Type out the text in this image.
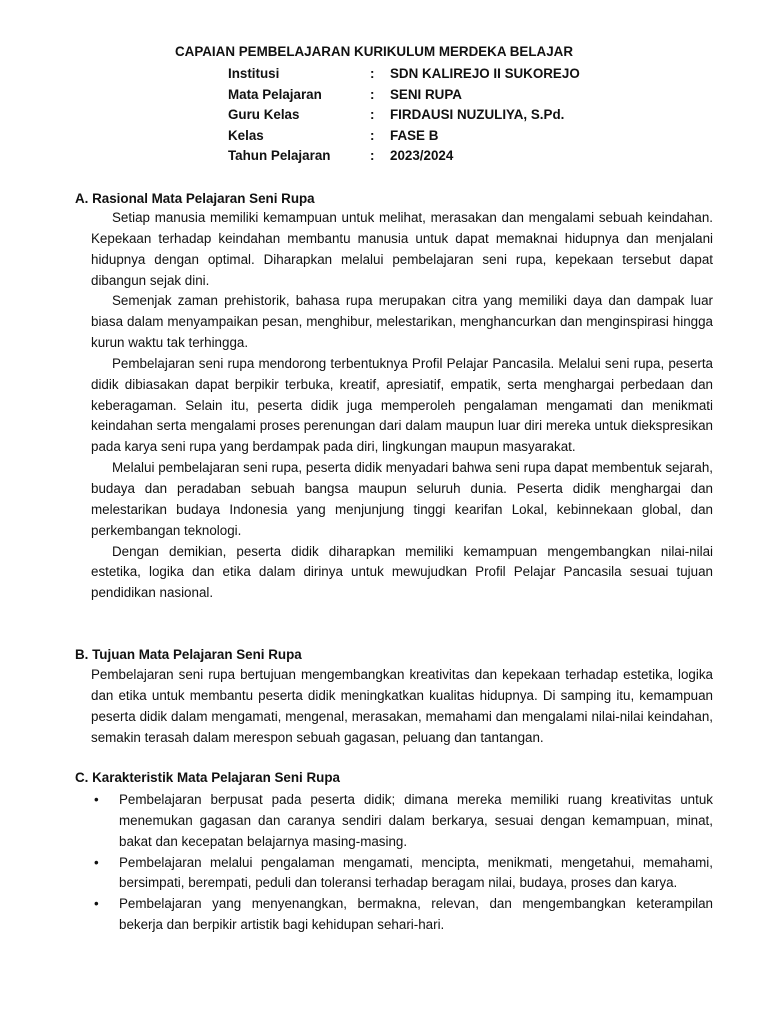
CAPAIAN PEMBELAJARAN KURIKULUM MERDEKA BELAJAR
Institusi	: SDN KALIREJO II SUKOREJO
Mata Pelajaran	: SENI RUPA
Guru Kelas	: FIRDAUSI NUZULIYA, S.Pd.
Kelas	: FASE B
Tahun Pelajaran	: 2023/2024
A. Rasional Mata Pelajaran Seni Rupa

Setiap manusia memiliki kemampuan untuk melihat, merasakan dan mengalami sebuah keindahan. Kepekaan terhadap keindahan membantu manusia untuk dapat memaknai hidupnya dan menjalani hidupnya dengan optimal. Diharapkan melalui pembelajaran seni rupa, kepekaan tersebut dapat dibangun sejak dini.

Semenjak zaman prehistorik, bahasa rupa merupakan citra yang memiliki daya dan dampak luar biasa dalam menyampaikan pesan, menghibur, melestarikan, menghancurkan dan menginspirasi hingga kurun waktu tak terhingga.

Pembelajaran seni rupa mendorong terbentuknya Profil Pelajar Pancasila. Melalui seni rupa, peserta didik dibiasakan dapat berpikir terbuka, kreatif, apresiatif, empatik, serta menghargai perbedaan dan keberagaman. Selain itu, peserta didik juga memperoleh pengalaman mengamati dan menikmati keindahan serta mengalami proses perenungan dari dalam maupun luar diri mereka untuk diekspresikan pada karya seni rupa yang berdampak pada diri, lingkungan maupun masyarakat.

Melalui pembelajaran seni rupa, peserta didik menyadari bahwa seni rupa dapat membentuk sejarah, budaya dan peradaban sebuah bangsa maupun seluruh dunia. Peserta didik menghargai dan melestarikan budaya Indonesia yang menjunjung tinggi kearifan Lokal, kebinnekaan global, dan perkembangan teknologi.

Dengan demikian, peserta didik diharapkan memiliki kemampuan mengembangkan nilai-nilai estetika, logika dan etika dalam dirinya untuk mewujudkan Profil Pelajar Pancasila sesuai tujuan pendidikan nasional.

B. Tujuan Mata Pelajaran Seni Rupa

Pembelajaran seni rupa bertujuan mengembangkan kreativitas dan kepekaan terhadap estetika, logika dan etika untuk membantu peserta didik meningkatkan kualitas hidupnya. Di samping itu, kemampuan peserta didik dalam mengamati, mengenal, merasakan, memahami dan mengalami nilai-nilai keindahan, semakin terasah dalam merespon sebuah gagasan, peluang dan tantangan.

C. Karakteristik Mata Pelajaran Seni Rupa
• Pembelajaran berpusat pada peserta didik; dimana mereka memiliki ruang kreativitas untuk menemukan gagasan dan caranya sendiri dalam berkarya, sesuai dengan kemampuan, minat, bakat dan kecepatan belajarnya masing-masing.
• Pembelajaran melalui pengalaman mengamati, mencipta, menikmati, mengetahui, memahami, bersimpati, berempati, peduli dan toleransi terhadap beragam nilai, budaya, proses dan karya.
• Pembelajaran yang menyenangkan, bermakna, relevan, dan mengembangkan keterampilan bekerja dan berpikir artistik bagi kehidupan sehari-hari.
